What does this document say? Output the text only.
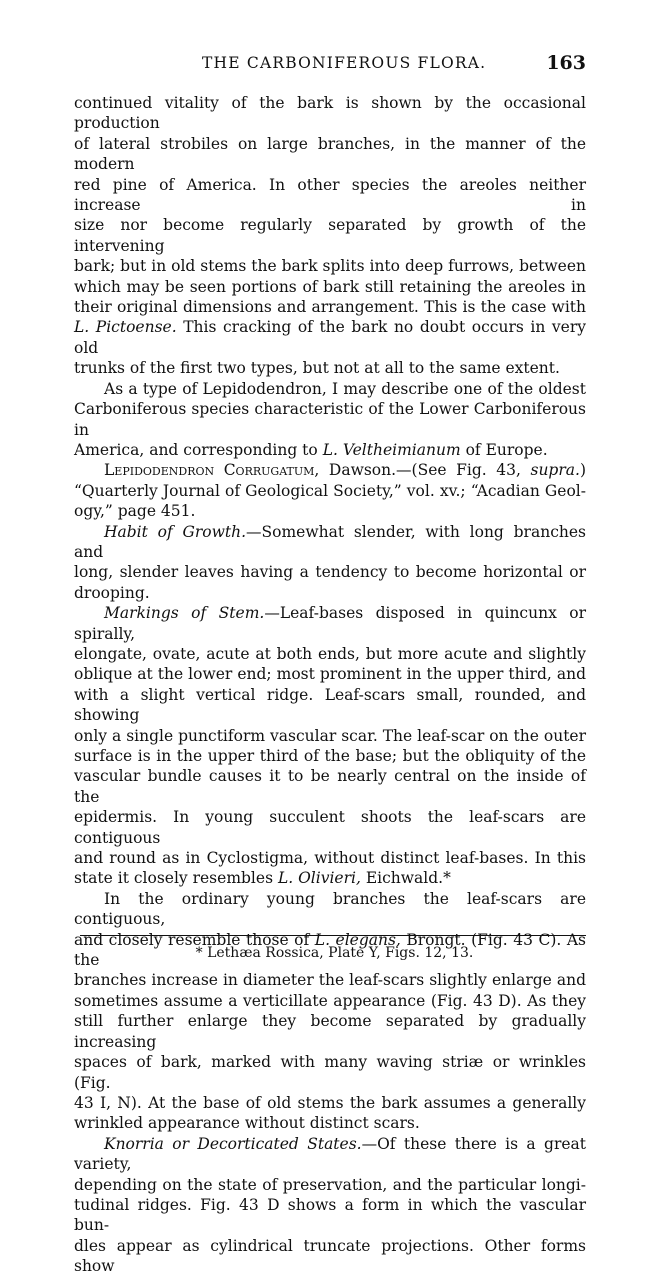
THE CARBONIFEROUS FLORA.	163

continued vitality of the bark is shown by the occasional production

of lateral strobiles on large branches, in the manner of the modern

red pine of America. In other species the areoles neither increase in

size nor become regularly separated by growth of the intervening

bark; but in old stems the bark splits into deep furrows, between

which may be seen portions of bark still retaining the areoles in

their original dimensions and arrangement. This is the case with

L. Pictoense. This cracking of the bark no doubt occurs in very old

trunks of the first two types, but not at all to the same extent.

As a type of Lepidodendron, I may describe one of the oldest

Carboniferous species characteristic of the Lower Carboniferous in

America, and corresponding to L. Veltheimianum of Europe.

Lepidodendron Corrugatum, Dawson.—(See Fig. 43, supra.)

“Quarterly Journal of Geological Society,” vol. xv.; “Acadian Geol-

ogy,” page 451.

Habit of Growth.—Somewhat slender, with long branches and

long, slender leaves having a tendency to become horizontal or

drooping.

Markings of Stem.—Leaf-bases disposed in quincunx or spirally,

elongate, ovate, acute at both ends, but more acute and slightly

oblique at the lower end; most prominent in the upper third, and

with a slight vertical ridge. Leaf-scars small, rounded, and showing

only a single punctiform vascular scar. The leaf-scar on the outer

surface is in the upper third of the base; but the obliquity of the

vascular bundle causes it to be nearly central on the inside of the

epidermis. In young succulent shoots the leaf-scars are contiguous

and round as in Cyclostigma, without distinct leaf-bases. In this

state it closely resembles L. Olivieri, Eichwald.*

In the ordinary young branches the leaf-scars are contiguous,

and closely resemble those of L. elegans, Brongt. (Fig. 43 C). As the

branches increase in diameter the leaf-scars slightly enlarge and

sometimes assume a verticillate appearance (Fig. 43 D). As they

still further enlarge they become separated by gradually increasing

spaces of bark, marked with many waving striæ or wrinkles (Fig.

43 I, N). At the base of old stems the bark assumes a generally

wrinkled appearance without distinct scars.

Knorria or Decorticated States.—Of these there is a great variety,

depending on the state of preservation, and the particular longi-

tudinal ridges. Fig. 43 D shows a form in which the vascular bun-

dles appear as cylindrical truncate projections. Other forms show

* Lethæa Rossica, Plate Y, Figs. 12, 13.
